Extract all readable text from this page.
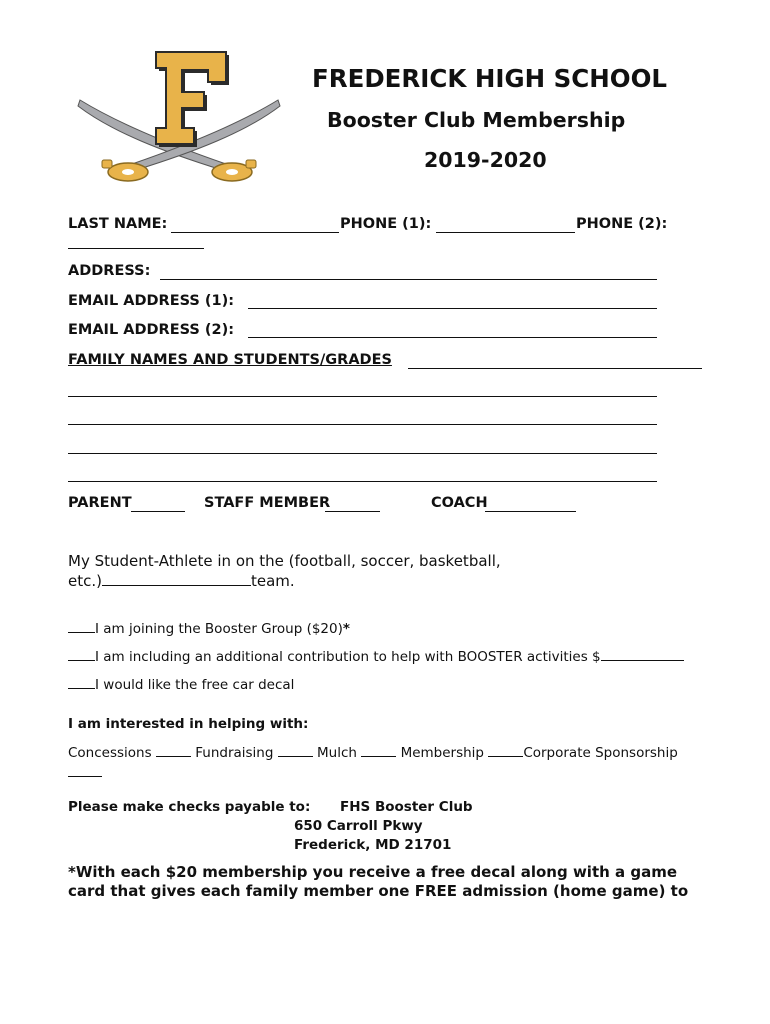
FREDERICK HIGH SCHOOL
Booster Club Membership
2019-2020
LAST NAME:	PHONE (1):	PHONE (2):
ADDRESS:
EMAIL ADDRESS (1):
EMAIL ADDRESS (2):
FAMILY NAMES AND STUDENTS/GRADES
PARENT	STAFF MEMBER	COACH
My Student-Athlete in on the (football, soccer, basketball,
etc.)	team.
I am joining the Booster Group ($20)*
I am including an additional contribution to help with BOOSTER activities $
I would like the free car decal
I am interested in helping with:
Concessions	Fundraising	Mulch	Membership	Corporate Sponsorship
Please make checks payable to: FHS Booster Club
650 Carroll Pkwy
Frederick, MD 21701
*With each $20 membership you receive a free decal along with a game
card that gives each family member one FREE admission (home game) to
